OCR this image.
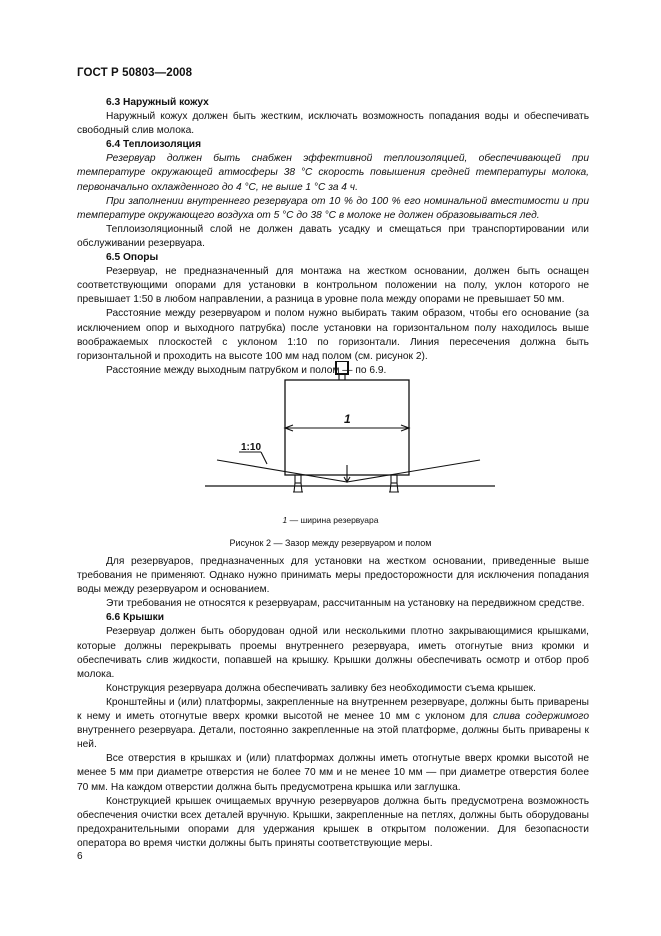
ГОСТ Р 50803—2008
6.3 Наружный кожух
Наружный кожух должен быть жестким, исключать возможность попадания воды и обеспечивать свободный слив молока.
6.4 Теплоизоляция
Резервуар должен быть снабжен эффективной теплоизоляцией, обеспечивающей при температуре окружающей атмосферы 38 °С скорость повышения средней температуры молока, первоначально охлажденного до 4 °С, не выше 1 °С за 4 ч.
При заполнении внутреннего резервуара от 10 % до 100 % его номинальной вместимости и при температуре окружающего воздуха от 5 °С до 38 °С в молоке не должен образовываться лед.
Теплоизоляционный слой не должен давать усадку и смещаться при транспортировании или обслуживании резервуара.
6.5 Опоры
Резервуар, не предназначенный для монтажа на жестком основании, должен быть оснащен соответствующими опорами для установки в контрольном положении на полу, уклон которого не превышает 1:50 в любом направлении, а разница в уровне пола между опорами не превышает 50 мм.
Расстояние между резервуаром и полом нужно выбирать таким образом, чтобы его основание (за исключением опор и выходного патрубка) после установки на горизонтальном полу находилось выше воображаемых плоскостей с уклоном 1:10 по горизонтали. Линия пересечения должна быть горизонтальной и проходить на высоте 100 мм над полом (см. рисунок 2).
Расстояние между выходным патрубком и полом — по 6.9.
1:10
1
1 — ширина резервуара
Рисунок 2 — Зазор между резервуаром и полом
Для резервуаров, предназначенных для установки на жестком основании, приведенные выше требования не применяют. Однако нужно принимать меры предосторожности для исключения попадания воды между резервуаром и основанием.
Эти требования не относятся к резервуарам, рассчитанным на установку на передвижном средстве.
6.6 Крышки
Резервуар должен быть оборудован одной или несколькими плотно закрывающимися крышками, которые должны перекрывать проемы внутреннего резервуара, иметь отогнутые вниз кромки и обеспечивать слив жидкости, попавшей на крышку. Крышки должны обеспечивать осмотр и отбор проб молока.
Конструкция резервуара должна обеспечивать заливку без необходимости съема крышек.
Кронштейны и (или) платформы, закрепленные на внутреннем резервуаре, должны быть приварены к нему и иметь отогнутые вверх кромки высотой не менее 10 мм с уклоном для слива содержимого внутреннего резервуара. Детали, постоянно закрепленные на этой платформе, должны быть приварены к ней.
Все отверстия в крышках и (или) платформах должны иметь отогнутые вверх кромки высотой не менее 5 мм при диаметре отверстия не более 70 мм и не менее 10 мм — при диаметре отверстия более 70 мм. На каждом отверстии должна быть предусмотрена крышка или заглушка.
Конструкцией крышек очищаемых вручную резервуаров должна быть предусмотрена возможность обеспечения очистки всех деталей вручную. Крышки, закрепленные на петлях, должны быть оборудованы предохранительными опорами для удержания крышек в открытом положении. Для безопасности оператора во время чистки должны быть приняты соответствующие меры.
6
